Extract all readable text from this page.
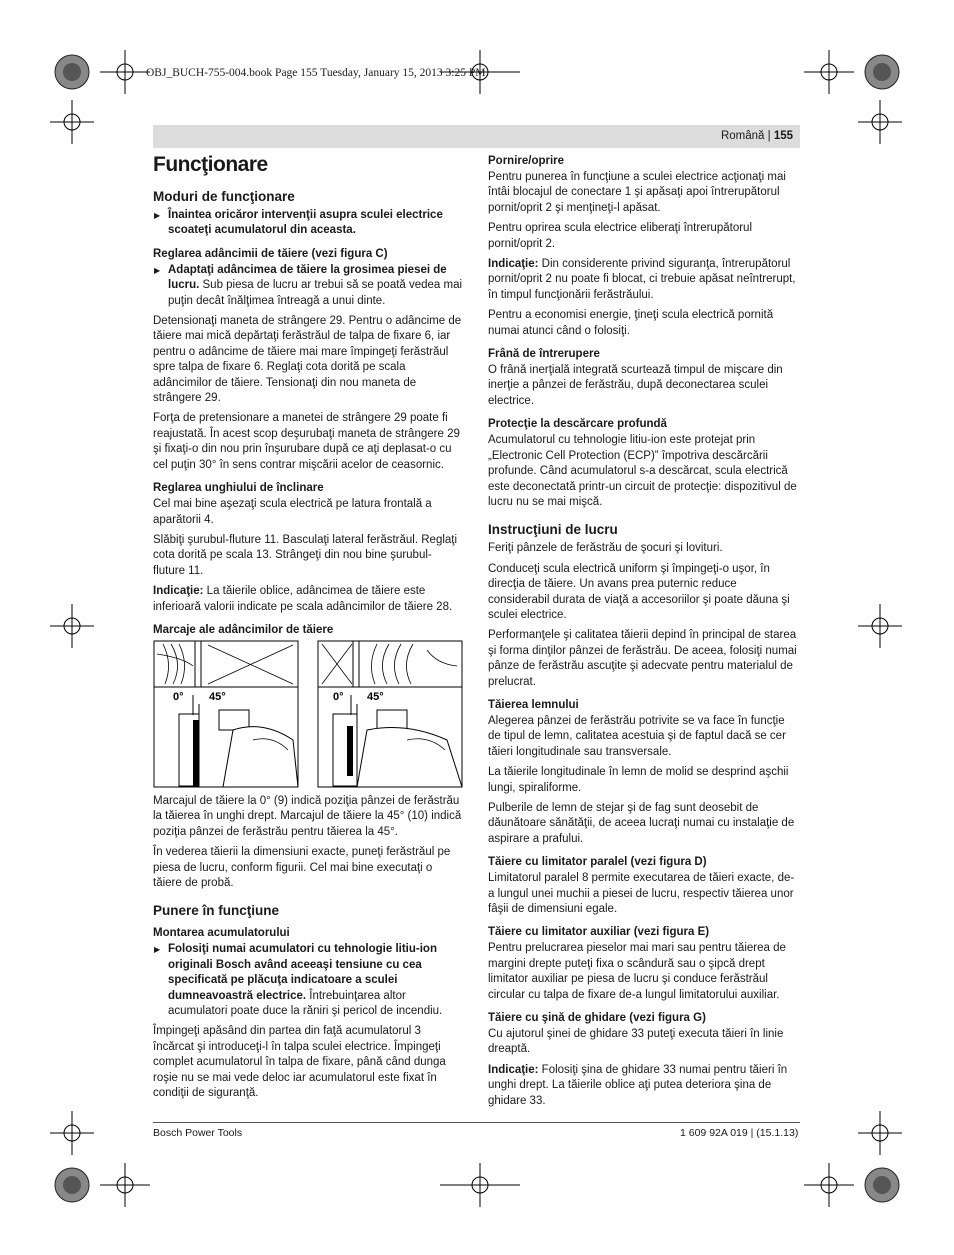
OBJ_BUCH-755-004.book Page 155 Tuesday, January 15, 2013 3:25 PM
Română | 155
Funcţionare
Moduri de funcţionare

▶ Înaintea oricăror intervenţii asupra sculei electrice scoateţi acumulatorul din aceasta.

Reglarea adâncimii de tăiere (vezi figura C)

▶ Adaptaţi adâncimea de tăiere la grosimea piesei de lucru. Sub piesa de lucru ar trebui să se poată vedea mai puţin decât înălţimea întreagă a unui dinte.

Detensionaţi maneta de strângere 29. Pentru o adâncime de tăiere mai mică depărtaţi ferăstrăul de talpa de fixare 6, iar pentru o adâncime de tăiere mai mare împingeţi ferăstrăul spre talpa de fixare 6. Reglaţi cota dorită pe scala adâncimilor de tăiere. Tensionaţi din nou maneta de strângere 29.

Forţa de pretensionare a manetei de strângere 29 poate fi reajustată. În acest scop deşurubaţi maneta de strângere 29 şi fixaţi-o din nou prin înşurubare după ce aţi deplasat-o cu cel puţin 30° în sens contrar mişcării acelor de ceasornic.

Reglarea unghiului de înclinare

Cel mai bine aşezaţi scula electrică pe latura frontală a aparătorii 4.

Slăbiţi şurubul-fluture 11. Basculaţi lateral ferăstrăul. Reglaţi cota dorită pe scala 13. Strângeţi din nou bine şurubul-fluture 11.

Indicaţie: La tăierile oblice, adâncimea de tăiere este inferioară valorii indicate pe scala adâncimilor de tăiere 28.

Marcaje ale adâncimilor de tăiere
0° 45°	0° 45°

Marcajul de tăiere la 0° (9) indică poziţia pânzei de ferăstrău la tăierea în unghi drept. Marcajul de tăiere la 45° (10) indică poziţia pânzei de ferăstrău pentru tăierea la 45°.

În vederea tăierii la dimensiuni exacte, puneţi ferăstrăul pe piesa de lucru, conform figurii. Cel mai bine executaţi o tăiere de probă.

Punere în funcţiune
Montarea acumulatorului

▶ Folosiţi numai acumulatori cu tehnologie litiu-ion originali Bosch având aceeaşi tensiune cu cea specificată pe plăcuţa indicatoare a sculei dumneavoastră electrice. Întrebuinţarea altor acumulatori poate duce la răniri şi pericol de incendiu.

Împingeţi apăsând din partea din faţă acumulatorul 3 încărcat şi introduceţi-l în talpa sculei electrice. Împingeţi complet acumulatorul în talpa de fixare, până când dunga roşie nu se mai vede deloc iar acumulatorul este fixat în condiţii de siguranţă.

Pornire/oprire

Pentru punerea în funcţiune a sculei electrice acţionaţi mai întâi blocajul de conectare 1 şi apăsaţi apoi întrerupătorul pornit/oprit 2 şi menţineţi-l apăsat.

Pentru oprirea scula electrice eliberaţi întrerupătorul pornit/oprit 2.

Indicaţie: Din considerente privind siguranţa, întrerupătorul pornit/oprit 2 nu poate fi blocat, ci trebuie apăsat neîntrerupt, în timpul funcţionării ferăstrăului.

Pentru a economisi energie, ţineţi scula electrică pornită numai atunci când o folosiţi.

Frână de întrerupere

O frână inerţială integrată scurtează timpul de mişcare din inerţie a pânzei de ferăstrău, după deconectarea sculei electrice.

Protecţie la descărcare profundă

Acumulatorul cu tehnologie litiu-ion este protejat prin „Electronic Cell Protection (ECP)” împotriva descărcării profunde. Când acumulatorul s-a descărcat, scula electrică este deconectată printr-un circuit de protecţie: dispozitivul de lucru nu se mai mişcă.

Instrucţiuni de lucru

Feriţi pânzele de ferăstrău de şocuri şi lovituri.

Conduceţi scula electrică uniform şi împingeţi-o uşor, în direcţia de tăiere. Un avans prea puternic reduce considerabil durata de viaţă a accesoriilor şi poate dăuna şi sculei electrice.

Performanţele şi calitatea tăierii depind în principal de starea şi forma dinţilor pânzei de ferăstrău. De aceea, folosiţi numai pânze de ferăstrău ascuţite şi adecvate pentru materialul de prelucrat.

Tăierea lemnului

Alegerea pânzei de ferăstrău potrivite se va face în funcţie de tipul de lemn, calitatea acestuia şi de faptul dacă se cer tăieri longitudinale sau transversale.

La tăierile longitudinale în lemn de molid se desprind aşchii lungi, spiraliforme.

Pulberile de lemn de stejar şi de fag sunt deosebit de dăunătoare sănătăţii, de aceea lucraţi numai cu instalaţie de aspirare a prafului.

Tăiere cu limitator paralel (vezi figura D)

Limitatorul paralel 8 permite executarea de tăieri exacte, de-a lungul unei muchii a piesei de lucru, respectiv tăierea unor fâşii de dimensiuni egale.

Tăiere cu limitator auxiliar (vezi figura E)

Pentru prelucrarea pieselor mai mari sau pentru tăierea de margini drepte puteţi fixa o scândură sau o şipcă drept limitator auxiliar pe piesa de lucru şi conduce ferăstrăul circular cu talpa de fixare de-a lungul limitatorului auxiliar.

Tăiere cu şină de ghidare (vezi figura G)

Cu ajutorul şinei de ghidare 33 puteţi executa tăieri în linie dreaptă.

Indicaţie: Folosiţi şina de ghidare 33 numai pentru tăieri în unghi drept. La tăierile oblice aţi putea deteriora şina de ghidare 33.

Bosch Power Tools	1 609 92A 019 | (15.1.13)
